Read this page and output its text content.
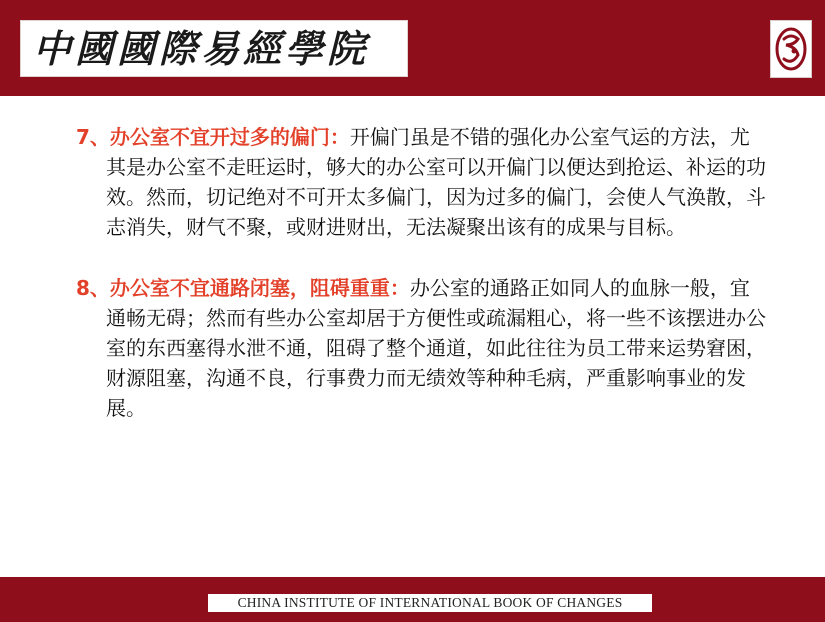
中國國際易經學院

7、办公室不宜开过多的偏门：开偏门虽是不错的强化办公室气运的方法，尤其是办公室不走旺运时，够大的办公室可以开偏门以便达到抢运、补运的功效。然而，切记绝对不可开太多偏门，因为过多的偏门，会使人气涣散，斗志消失，财气不聚，或财进财出，无法凝聚出该有的成果与目标。

8、办公室不宜通路闭塞，阻碍重重：办公室的通路正如同人的血脉一般，宜通畅无碍；然而有些办公室却居于方便性或疏漏粗心，将一些不该摆进办公室的东西塞得水泄不通，阻碍了整个通道，如此往往为员工带来运势窘困，财源阻塞，沟通不良，行事费力而无绩效等种种毛病，严重影响事业的发展。

CHINA INSTITUTE OF INTERNATIONAL BOOK OF CHANGES
